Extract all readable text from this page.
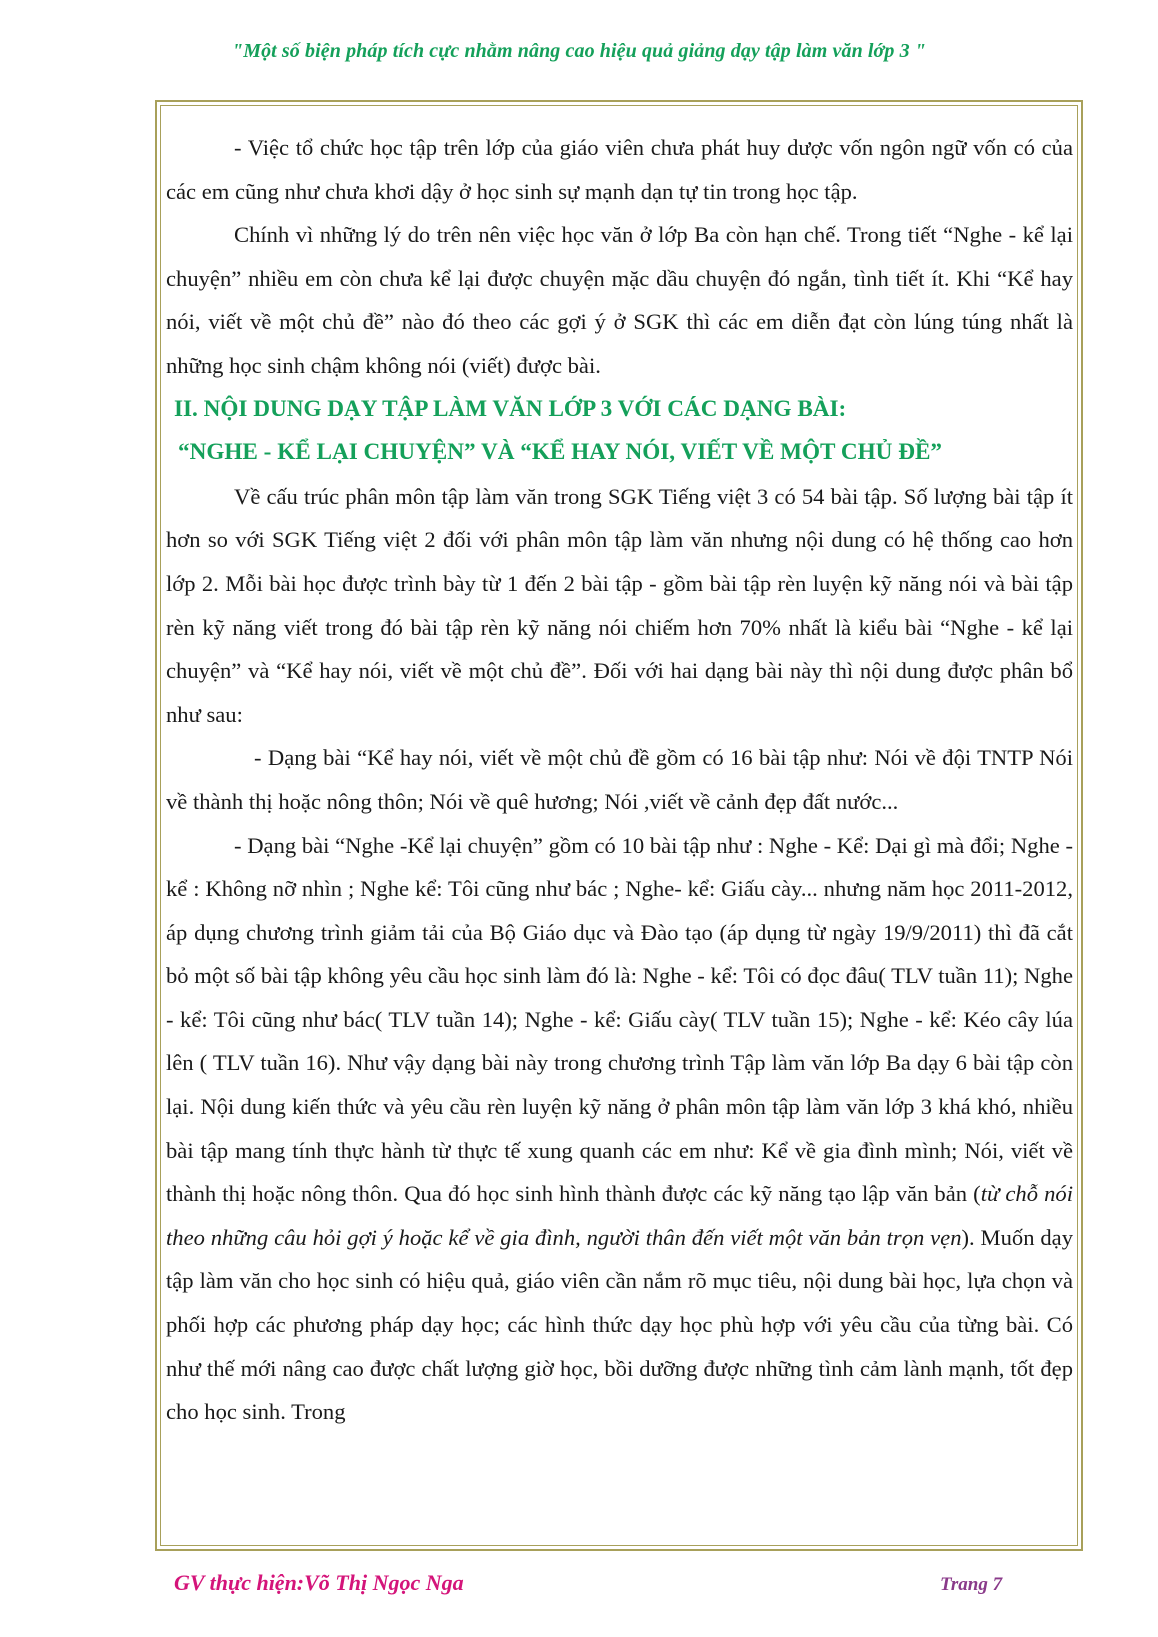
"Một số biện pháp tích cực nhằm nâng cao hiệu quả giảng dạy tập làm văn lớp 3 "

- Việc tổ chức học tập trên lớp của giáo viên chưa phát huy dược vốn ngôn ngữ vốn có của các em cũng như chưa khơi dậy ở học sinh sự mạnh dạn tự tin trong học tập.

Chính vì những lý do trên nên việc học văn ở lớp Ba còn hạn chế. Trong tiết “Nghe - kể lại chuyện” nhiều em còn chưa kể lại được chuyện mặc dầu chuyện đó ngắn, tình tiết ít. Khi “Kể hay nói, viết về một chủ đề” nào đó theo các gợi ý ở SGK thì các em diễn đạt còn lúng túng nhất là những học sinh chậm không nói (viết) được bài.

II. NỘI DUNG DẠY TẬP LÀM VĂN LỚP 3 VỚI CÁC DẠNG BÀI:

“NGHE - KỂ LẠI CHUYỆN” VÀ “KỂ HAY NÓI, VIẾT VỀ MỘT CHỦ ĐỀ”

Về cấu trúc phân môn tập làm văn trong SGK Tiếng việt 3 có 54 bài tập. Số lượng bài tập ít hơn so với SGK Tiếng việt 2 đối với phân môn tập làm văn nhưng nội dung có hệ thống cao hơn lớp 2. Mỗi bài học được trình bày từ 1 đến 2 bài tập - gồm bài tập rèn luyện kỹ năng nói và bài tập rèn kỹ năng viết trong đó bài tập rèn kỹ năng nói chiếm hơn 70% nhất là kiểu bài “Nghe - kể lại chuyện” và “Kể hay nói, viết về một chủ đề”. Đối với hai dạng bài này thì nội dung được phân bổ như sau:

- Dạng bài “Kể hay nói, viết về một chủ đề gồm có 16 bài tập như: Nói về đội TNTP Nói về thành thị hoặc nông thôn; Nói về quê hương; Nói ,viết về cảnh đẹp đất nước...

- Dạng bài “Nghe -Kể lại chuyện” gồm có 10 bài tập như : Nghe - Kể: Dại gì mà đổi; Nghe - kể : Không nỡ nhìn ; Nghe kể: Tôi cũng như bác ; Nghe- kể: Giấu cày... nhưng năm học 2011-2012, áp dụng chương trình giảm tải của Bộ Giáo dục và Đào tạo (áp dụng từ ngày 19/9/2011) thì đã cắt bỏ một số bài tập không yêu cầu học sinh làm đó là: Nghe - kể: Tôi có đọc đâu( TLV tuần 11); Nghe - kể: Tôi cũng như bác( TLV tuần 14); Nghe - kể: Giấu cày( TLV tuần 15); Nghe - kể: Kéo cây lúa lên ( TLV tuần 16). Như vậy dạng bài này trong chương trình Tập làm văn lớp Ba dạy 6 bài tập còn lại. Nội dung kiến thức và yêu cầu rèn luyện kỹ năng ở phân môn tập làm văn lớp 3 khá khó, nhiều bài tập mang tính thực hành từ thực tế xung quanh các em như: Kể về gia đình mình; Nói, viết về thành thị hoặc nông thôn. Qua đó học sinh hình thành được các kỹ năng tạo lập văn bản (từ chỗ nói theo những câu hỏi gợi ý hoặc kể về gia đình, người thân đến viết một văn bản trọn vẹn). Muốn dạy tập làm văn cho học sinh có hiệu quả, giáo viên cần nắm rõ mục tiêu, nội dung bài học, lựa chọn và phối hợp các phương pháp dạy học; các hình thức dạy học phù hợp với yêu cầu của từng bài. Có như thế mới nâng cao được chất lượng giờ học, bồi dưỡng được những tình cảm lành mạnh, tốt đẹp cho học sinh. Trong

GV thực hiện:Võ Thị Ngọc Nga	Trang 7
